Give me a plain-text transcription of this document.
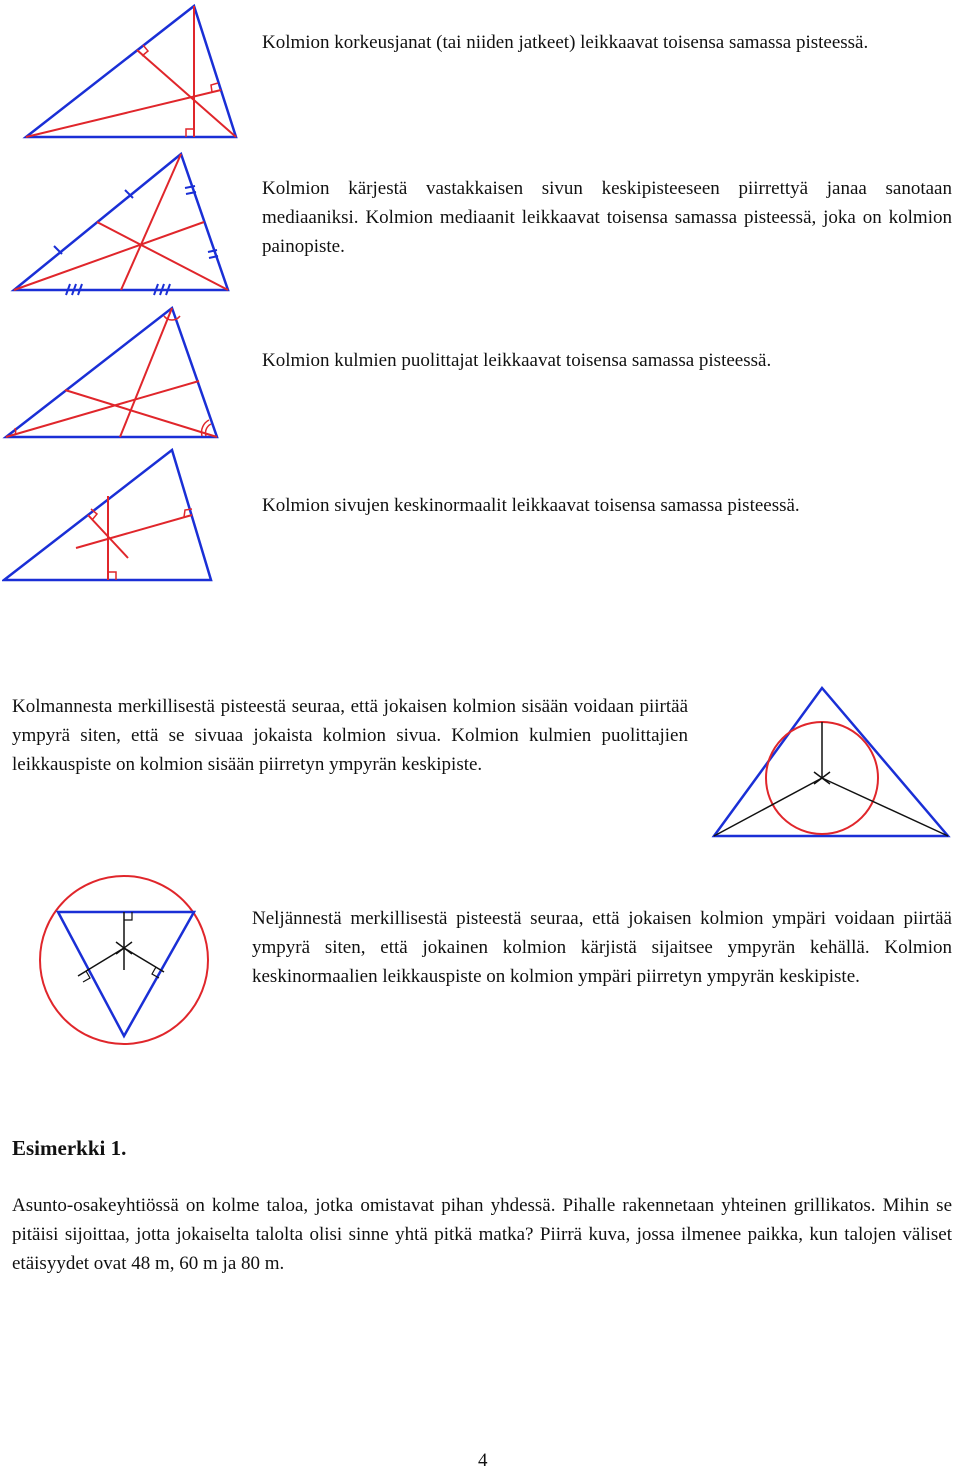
Kolmion korkeusjanat (tai niiden jatkeet) leikkaavat toisensa samassa pisteessä.

Kolmion kärjestä vastakkaisen sivun keskipisteeseen piirrettyä janaa sanotaan mediaaniksi. Kolmion mediaanit leikkaavat toisensa samassa pisteessä, joka on kolmion painopiste.

Kolmion kulmien puolittajat leikkaavat toisensa samassa pisteessä.

Kolmion sivujen keskinormaalit leikkaavat toisensa samassa pisteessä.

Kolmannesta merkillisestä pisteestä seuraa, että jokaisen kolmion sisään voidaan piirtää ympyrä siten, että se sivuaa jokaista kolmion sivua. Kolmion kulmien puolittajien leikkauspiste on kolmion sisään piirretyn ympyrän keskipiste.

Neljännestä merkillisestä pisteestä seuraa, että jokaisen kolmion ympäri voidaan piirtää ympyrä siten, että jokainen kolmion kärjistä sijaitsee ympyrän kehällä. Kolmion keskinormaalien leikkauspiste on kolmion ympäri piirretyn ympyrän keskipiste.

Esimerkki 1.

Asunto-osakeyhtiössä on kolme taloa, jotka omistavat pihan yhdessä. Pihalle rakennetaan yhteinen grillikatos. Mihin se pitäisi sijoittaa, jotta jokaiselta talolta olisi sinne yhtä pitkä matka? Piirrä kuva, jossa ilmenee paikka, kun talojen väliset etäisyydet ovat 48 m, 60 m ja 80 m.

4
